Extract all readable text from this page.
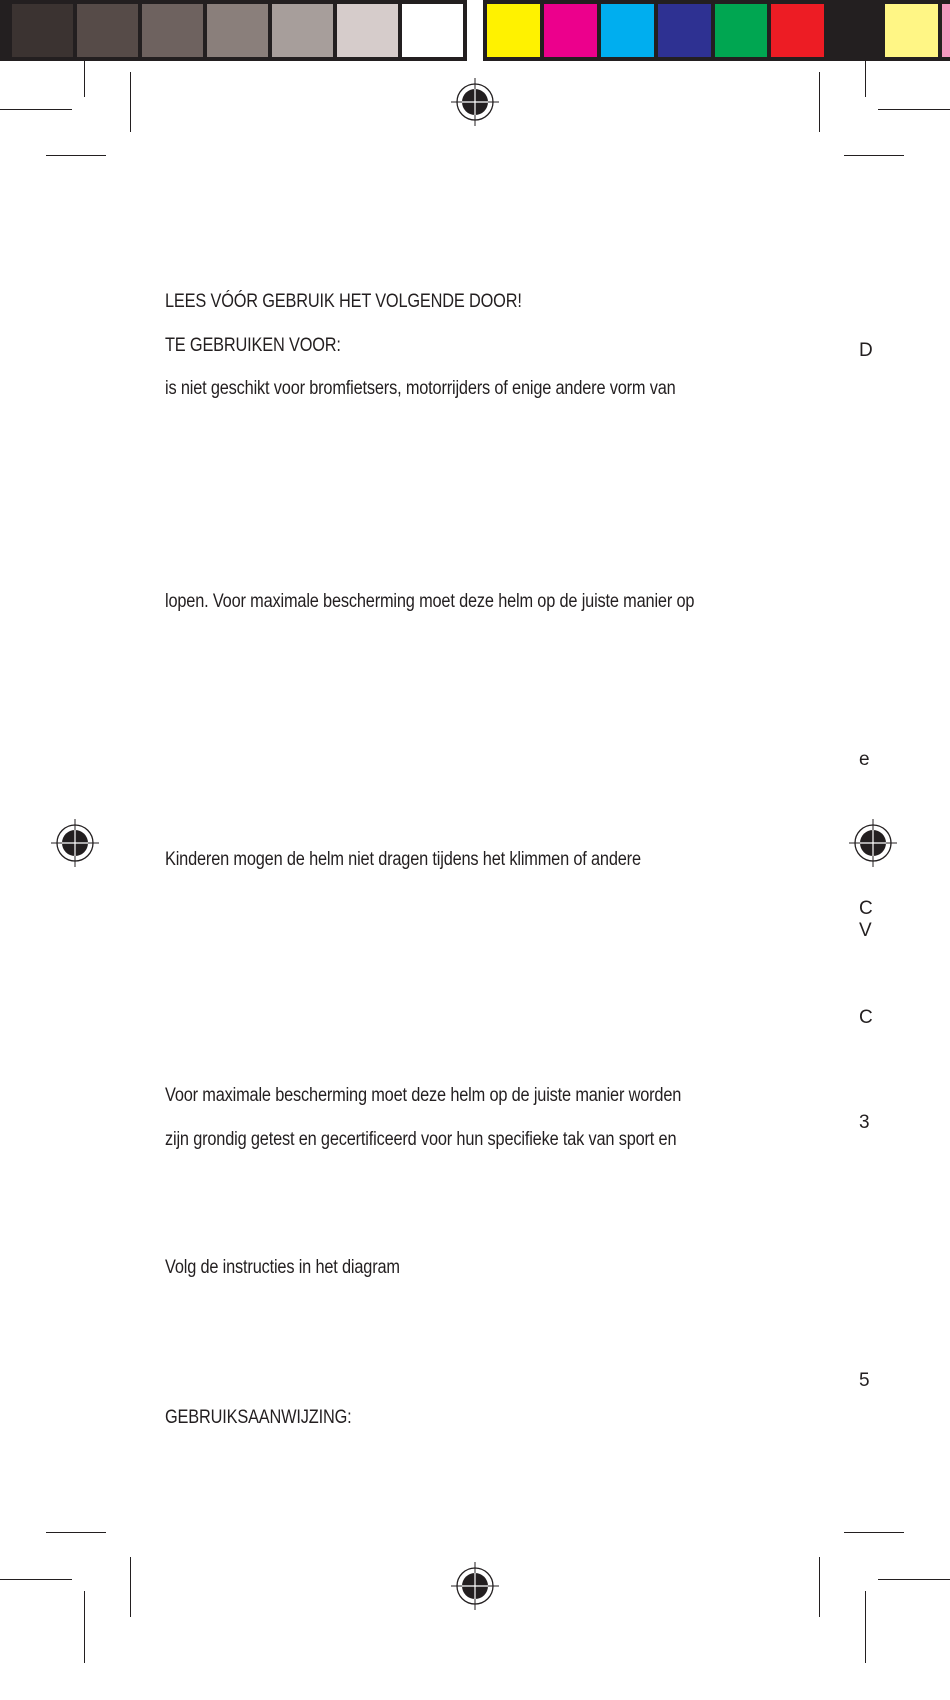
LEES VÓÓR GEBRUIK HET VOLGENDE DOOR!
TE GEBRUIKEN VOOR:
is niet geschikt voor bromfietsers, motorrijders of enige andere vorm van
lopen. Voor maximale bescherming moet deze helm op de juiste manier op
Kinderen mogen de helm niet dragen tijdens het klimmen of andere
Voor maximale bescherming moet deze helm op de juiste manier worden
zijn grondig getest en gecertificeerd voor hun specifieke tak van sport en
Volg de instructies in het diagram
GEBRUIKSAANWIJZING:
D
e
C
V
C
3
5
